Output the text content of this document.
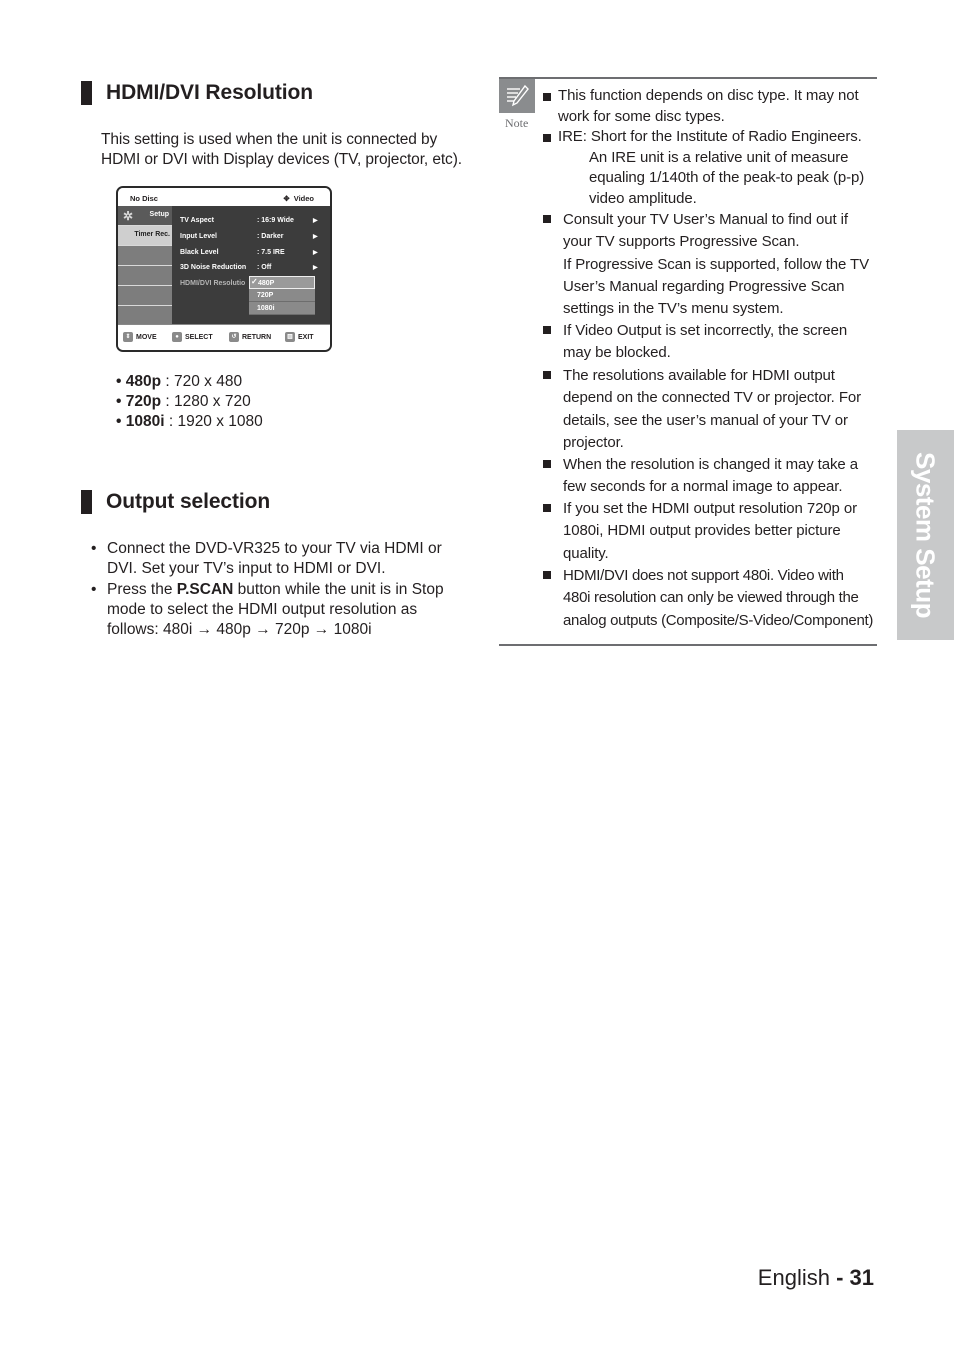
HDMI/DVI Resolution
This setting is used when the unit is connected by
HDMI or DVI with Display devices (TV, projector, etc).
No Disc	✥ Video
✲ Setup
Timer Rec.
TV Aspect	: 16:9 Wide	▶
Input Level	: Darker	▶
Black Level	: 7.5 IRE	▶
3D Noise Reduction : Off	▶
HDMI/DVI Resolutio ✓ 480P
720P
1080i
⇕ MOVE	● SELECT	↺ RETURN	▥ EXIT
• 480p : 720 x 480
• 720p : 1280 x 720
• 1080i : 1920 x 1080
Output selection
• Connect the DVD-VR325 to your TV via HDMI or
DVI. Set your TV’s input to HDMI or DVI.
• Press the P.SCAN button while the unit is in Stop
mode to select the HDMI output resolution as
follows: 480i → 480p → 720p → 1080i
Note
This function depends on disc type. It may not
work for some disc types.
IRE: Short for the Institute of Radio Engineers.
An IRE unit is a relative unit of measure
equaling 1/140th of the peak-to peak (p-p)
video amplitude.
Consult your TV User’s Manual to find out if
your TV supports Progressive Scan.
If Progressive Scan is supported, follow the TV
User’s Manual regarding Progressive Scan
settings in the TV’s menu system.
If Video Output is set incorrectly, the screen
may be blocked.
The resolutions available for HDMI output
depend on the connected TV or projector. For
details, see the user’s manual of your TV or
projector.
When the resolution is changed it may take a
few seconds for a normal image to appear.
If you set the HDMI output resolution 720p or
1080i, HDMI output provides better picture
quality.
HDMI/DVI does not support 480i. Video with
480i resolution can only be viewed through the
analog outputs (Composite/S-Video/Component)
System Setup
English - 31
